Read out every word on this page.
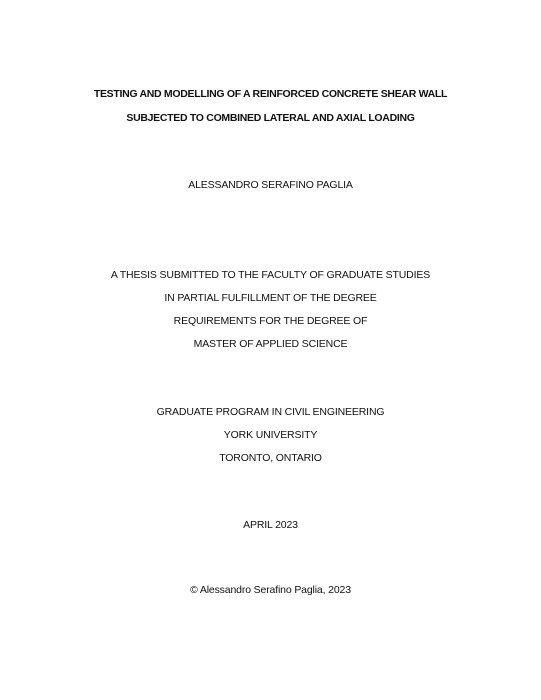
TESTING AND MODELLING OF A REINFORCED CONCRETE SHEAR WALL
SUBJECTED TO COMBINED LATERAL AND AXIAL LOADING
ALESSANDRO SERAFINO PAGLIA
A THESIS SUBMITTED TO THE FACULTY OF GRADUATE STUDIES
IN PARTIAL FULFILLMENT OF THE DEGREE
REQUIREMENTS FOR THE DEGREE OF
MASTER OF APPLIED SCIENCE
GRADUATE PROGRAM IN CIVIL ENGINEERING
YORK UNIVERSITY
TORONTO, ONTARIO
APRIL 2023
© Alessandro Serafino Paglia, 2023
